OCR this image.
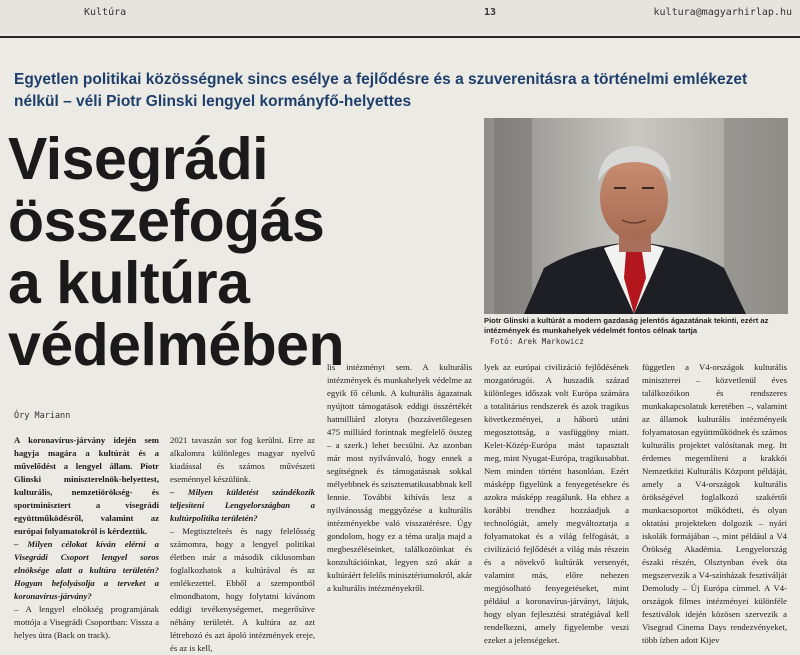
Kultúra	13	kultura@magyarhirlap.hu
Egyetlen politikai közösségnek sincs esélye a fejlődésre és a szuverenitásra a történelmi emlékezet nélkül – véli Piotr Glinski lengyel kormányfő-helyettes
Visegrádi
összefogás
a kultúra
védelmében	Piotr Glinski a kultúrát a modern gazdaság jelentős ágazatának tekinti, ezért az intézmények és munkahelyek védelmét fontos célnak tartja
Fotó: Arek Markowicz
Óry Mariann

A koronavírus-járvány idején sem hagyja magára a kultúrát és a művelődést a lengyel állam. Piotr Glinski miniszterelnök-helyettest, kulturális, nemzetiörökség- és sportminisztert a visegrádi együttműködésről, valamint az európai folyamatokról is kérdeztük.

– Milyen célokat kíván elérni a Visegrádi Csoport lengyel soros elnöksége alatt a kultúra területén? Hogyan befolyásolja a terveket a koronavírus-járvány?

– A lengyel elnökség programjának mottója a Visegrádi Csoportban: Vissza a helyes útra (Back on track).

2021 tavaszán sor fog kerülni. Erre az alkalomra különleges magyar nyelvű kiadással és számos művészeti eseménnyel készülünk.

– Milyen küldetést szándékozik teljesíteni Lengyelországban a kultúrpolitika területén?

– Megtisztelteés és nagy felelősség számomra, hogy a lengyel politikai életben már a második ciklusomban foglalkozhatok a kultúrával és az emlékezettel. Ebből a szempontból elmondhatom, hogy folytatni kívánom eddigi tevékenységemet, megerősítve néhány területét. A kultúra az azt létrehozó és azt ápoló intézmények ereje, és az is kell,

lis intézményt sem. A kulturális intézmények és munkahelyek védelme az egyik fő célunk. A kulturális ágazatnak nyújtott támogatások eddigi összértékét hatmilliárd zlotyra (hozzávetőlegesen 475 milliárd forintnak megfelelő összeg – a szerk.) lehet becsülni. Az azonban már most nyilvánvaló, hogy ennek a segítségnek és támogatásnak sokkal mélyebbnek és szisztematikusabbnak kell lennie. További kihívás lesz a nyilvánosság meggyőzése a kulturális intézményekbe való visszatérésre. Úgy gondolom, hogy ez a téma uralja majd a megbeszéléseinket, találkozóinkat és konzultációinkat, legyen szó akár a kultúráért felelős minisztériumokról, akár a kulturális intézményekről.

lyek az európai civilizáció fejlődésének mozgatórugói. A huszadik század különleges időszak volt Európa számára a totalitárius rendszerek és azok tragikus következményei, a háború utáni megosztottság, a vasfüggöny miatt. Kelet-Közép-Európa mást tapasztalt meg, mint Nyugat-Európa, tragikusabbat. Nem minden történt hasonlóan. Ezért másképp figyelünk a fenyegetésekre és azokra másképp reagálunk. Ha ehhez a korábbi trendhez hozzáadjuk a technológiát, amely megváltoztatja a folyamatokat és a világ felfogását, a civilizáció fejlődését a világ más részein és a növekvő kultúrák versenyét, valamint más, előre nehezen megjósolható fenyegetéseket, mint például a koronavírus-járványt, látjuk, hogy olyan fejlesztési stratégiával kell rendelkezni, amely figyelembe veszi ezeket a jelenségeket.

független a V4-országok kulturális miniszterei – közvetlenül éves találkozóikon és rendszeres munkakapcsolatuk keretében –, valamint az államok kulturális intézményeik folyamatosan együttműködnek és számos kulturális projektet valósítanak meg. Itt érdemes megemlíteni a krakkói Nemzetközi Kulturális Központ példáját, amely a V4-országok kulturális örökségével foglalkozó szakértői munkacsoportot működteti, és olyan oktatási projekteken dolgozik – nyári iskolák formájában –, mint például a V4 Örökség Akadémia. Lengyelország északi részén, Olsztynban évek óta megszervezik a V4-színházak fesztiválját Demoludy – Új Európa címmel. A V4-országok filmes intézményei különféle fesztiválok idején közösen szervezik a Visegrad Cinema Days rendezvényeket, több ízben adott Kijev
